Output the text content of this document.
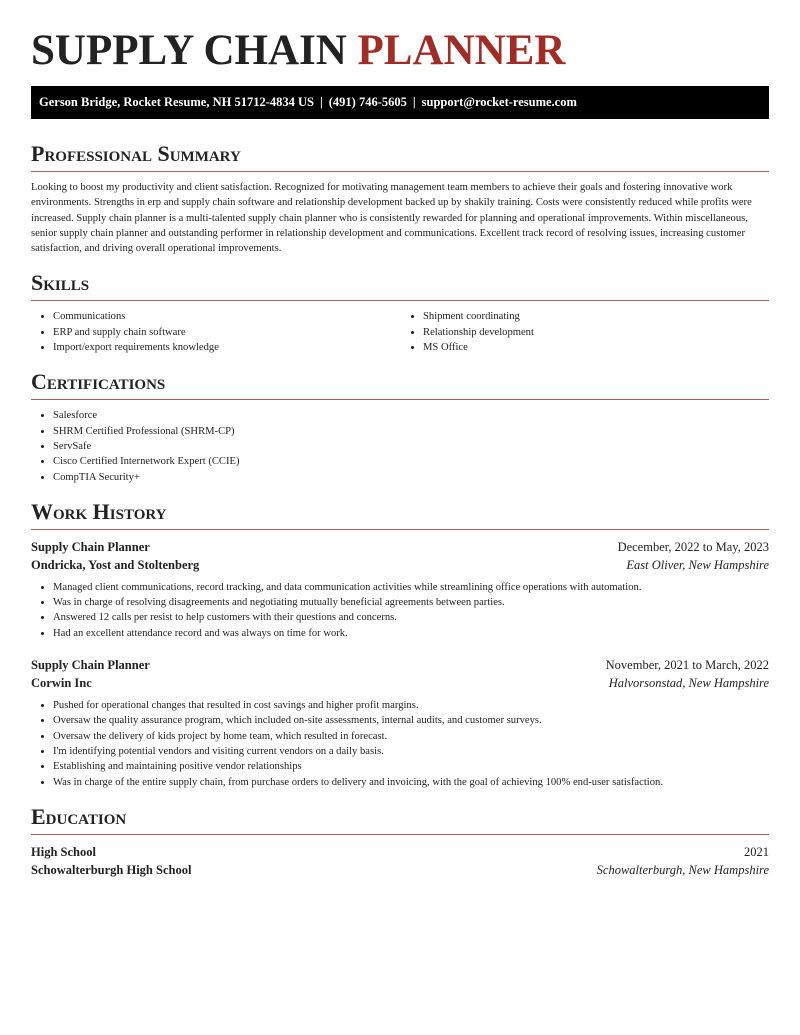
SUPPLY CHAIN PLANNER
Gerson Bridge, Rocket Resume, NH 51712-4834 US | (491) 746-5605 | support@rocket-resume.com
Professional Summary

Looking to boost my productivity and client satisfaction. Recognized for motivating management team members to achieve their goals and fostering innovative work environments. Strengths in erp and supply chain software and relationship development backed up by shakily training. Costs were consistently reduced while profits were increased. Supply chain planner is a multi-talented supply chain planner who is consistently rewarded for planning and operational improvements. Within miscellaneous, senior supply chain planner and outstanding performer in relationship development and communications. Excellent track record of resolving issues, increasing customer satisfaction, and driving overall operational improvements.

Skills
• Communications
• ERP and supply chain software
• Import/export requirements knowledge
• Shipment coordinating
• Relationship development
• MS Office
Certifications
• Salesforce
• SHRM Certified Professional (SHRM-CP)
• ServSafe
• Cisco Certified Internetwork Expert (CCIE)
• CompTIA Security+
Work History
Supply Chain Planner	December, 2022 to May, 2023
Ondricka, Yost and Stoltenberg	East Oliver, New Hampshire
• Managed client communications, record tracking, and data communication activities while streamlining office operations with automation.
• Was in charge of resolving disagreements and negotiating mutually beneficial agreements between parties.
• Answered 12 calls per resist to help customers with their questions and concerns.
• Had an excellent attendance record and was always on time for work.
Supply Chain Planner	November, 2021 to March, 2022
Corwin Inc	Halvorsonstad, New Hampshire
• Pushed for operational changes that resulted in cost savings and higher profit margins.
• Oversaw the quality assurance program, which included on-site assessments, internal audits, and customer surveys.
• Oversaw the delivery of kids project by home team, which resulted in forecast.
• I'm identifying potential vendors and visiting current vendors on a daily basis.
• Establishing and maintaining positive vendor relationships
• Was in charge of the entire supply chain, from purchase orders to delivery and invoicing, with the goal of achieving 100% end-user satisfaction.
Education
High School	2021
Schowalterburgh High School	Schowalterburgh, New Hampshire
